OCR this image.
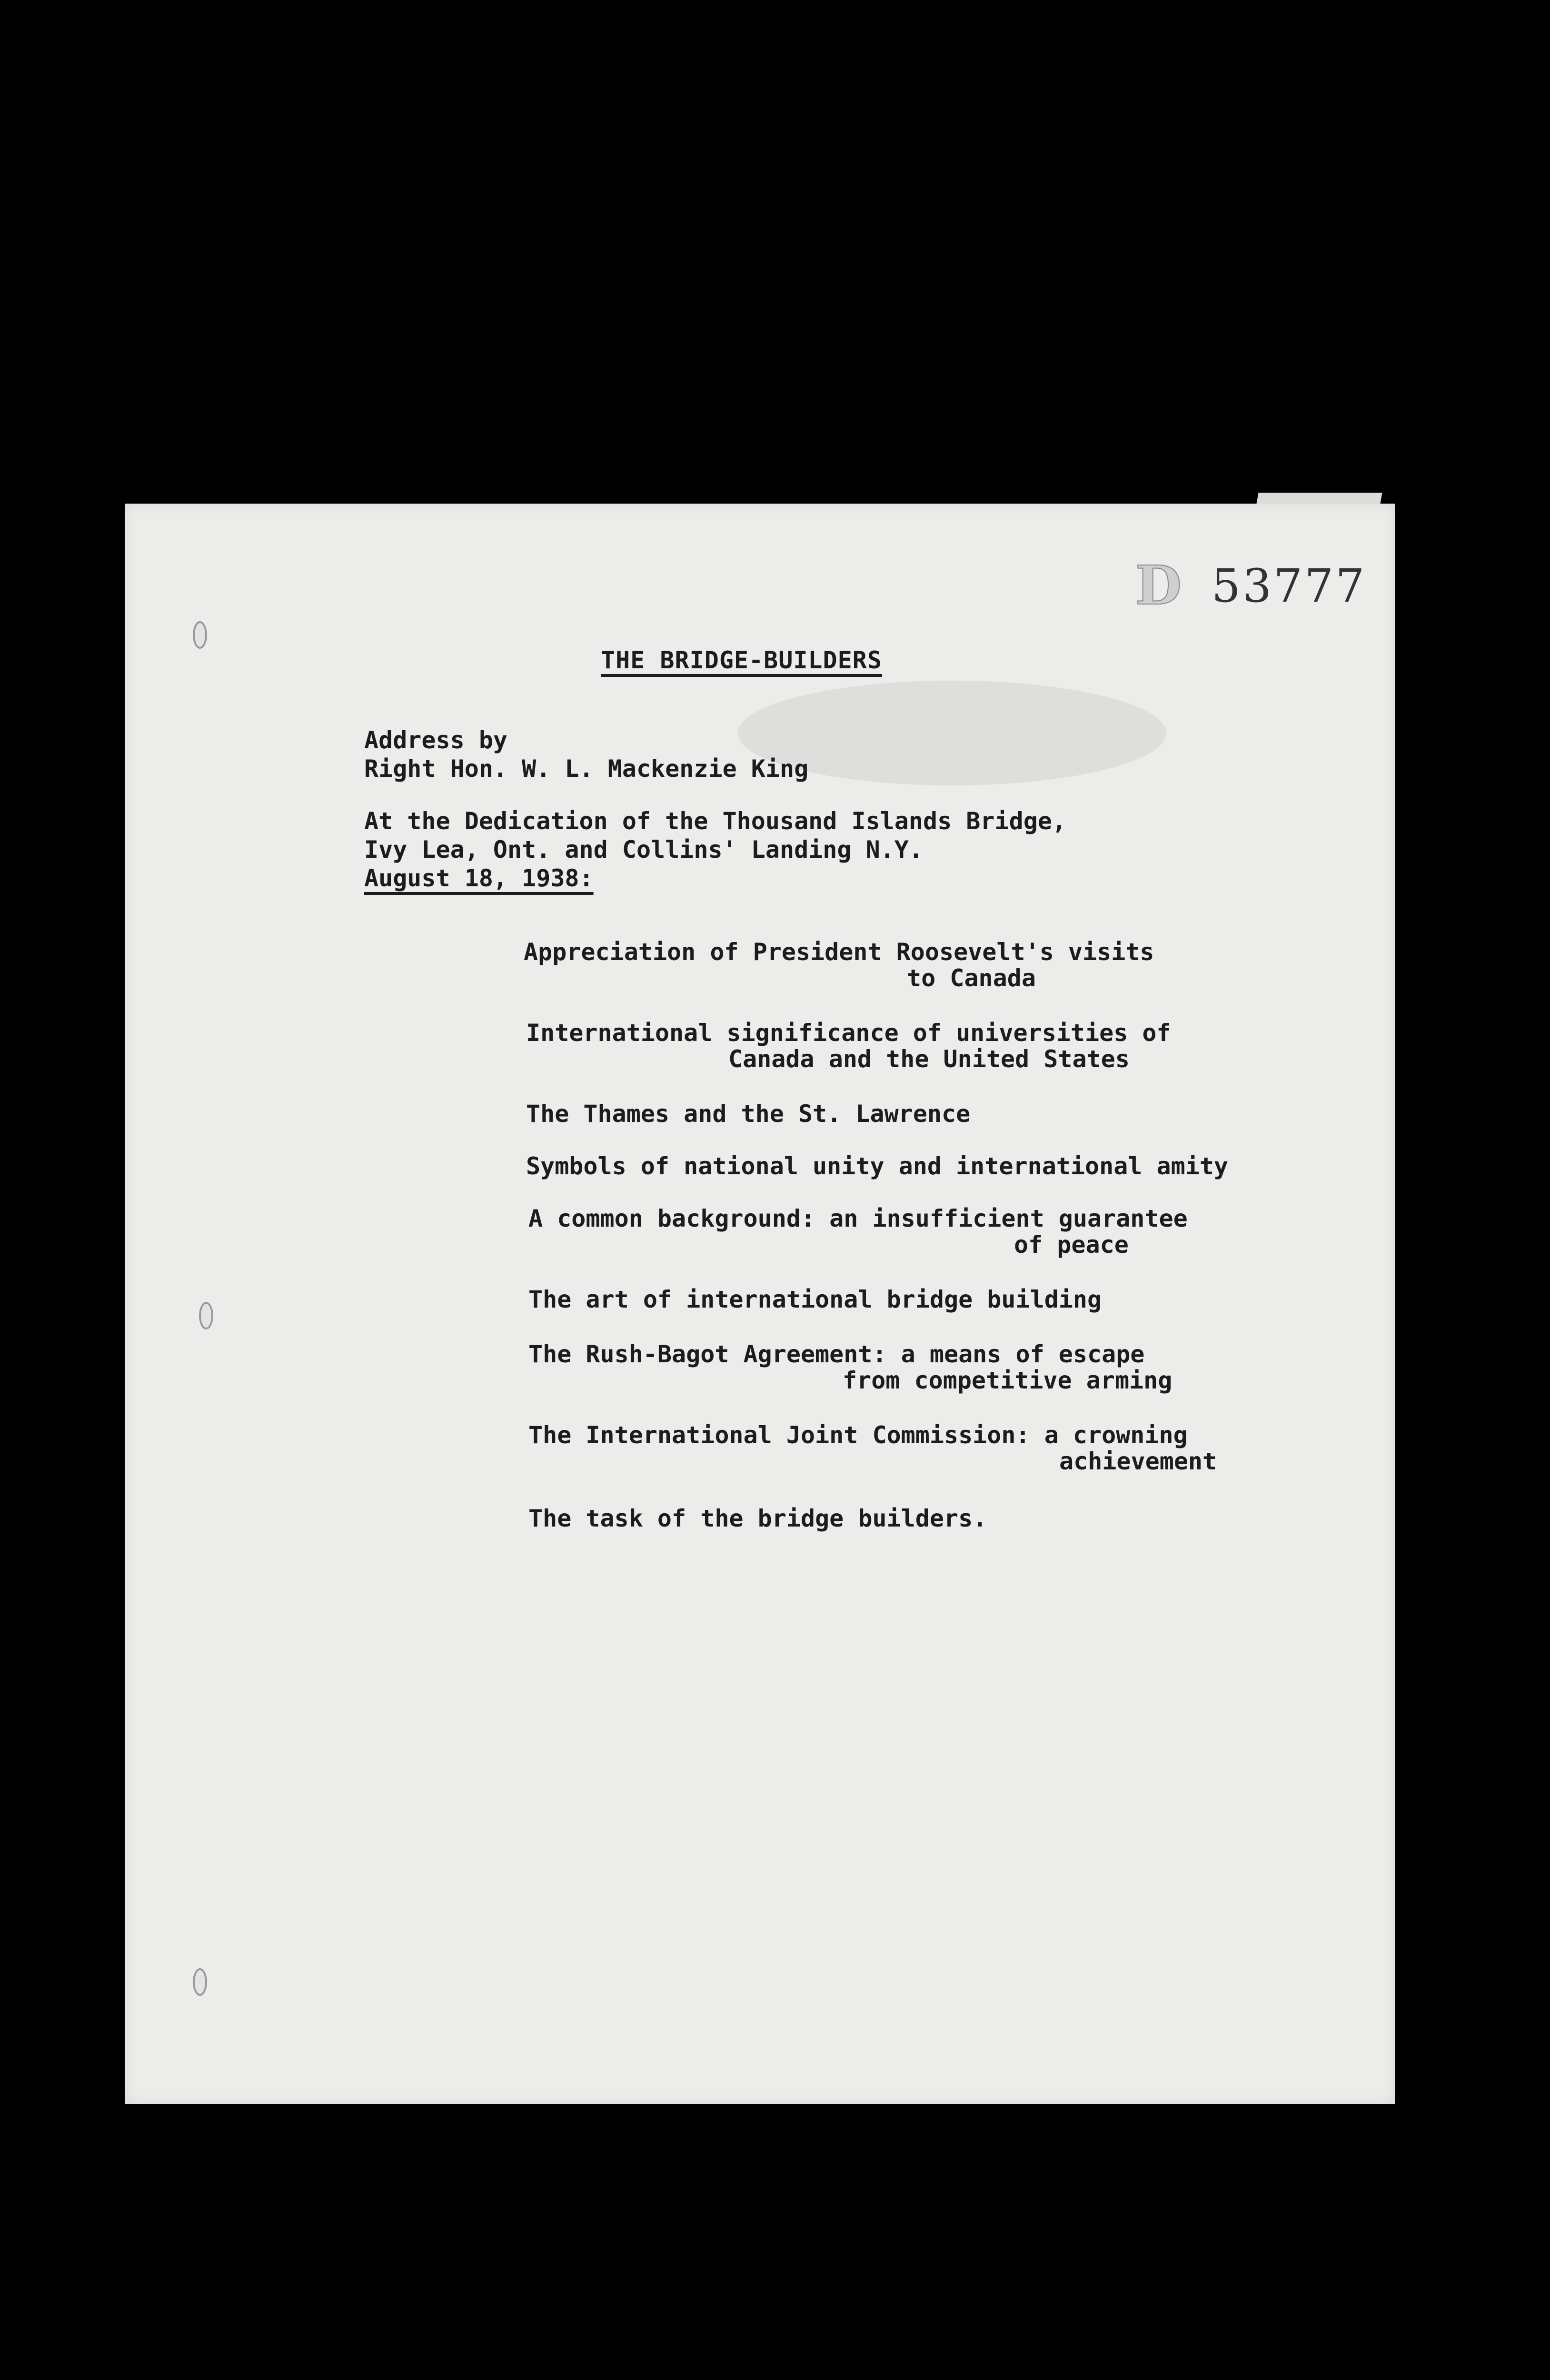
D 53777
THE BRIDGE-BUILDERS
Address by
Right Hon. W. L. Mackenzie King
At the Dedication of the Thousand Islands Bridge,
Ivy Lea, Ont. and Collins' Landing N.Y.
August 18, 1938:
Appreciation of President Roosevelt's visits
to Canada
International significance of universities of
Canada and the United States
The Thames and the St. Lawrence
Symbols of national unity and international amity
A common background: an insufficient guarantee
of peace
The art of international bridge building
The Rush-Bagot Agreement: a means of escape
from competitive arming
The International Joint Commission: a crowning
achievement
The task of the bridge builders.
